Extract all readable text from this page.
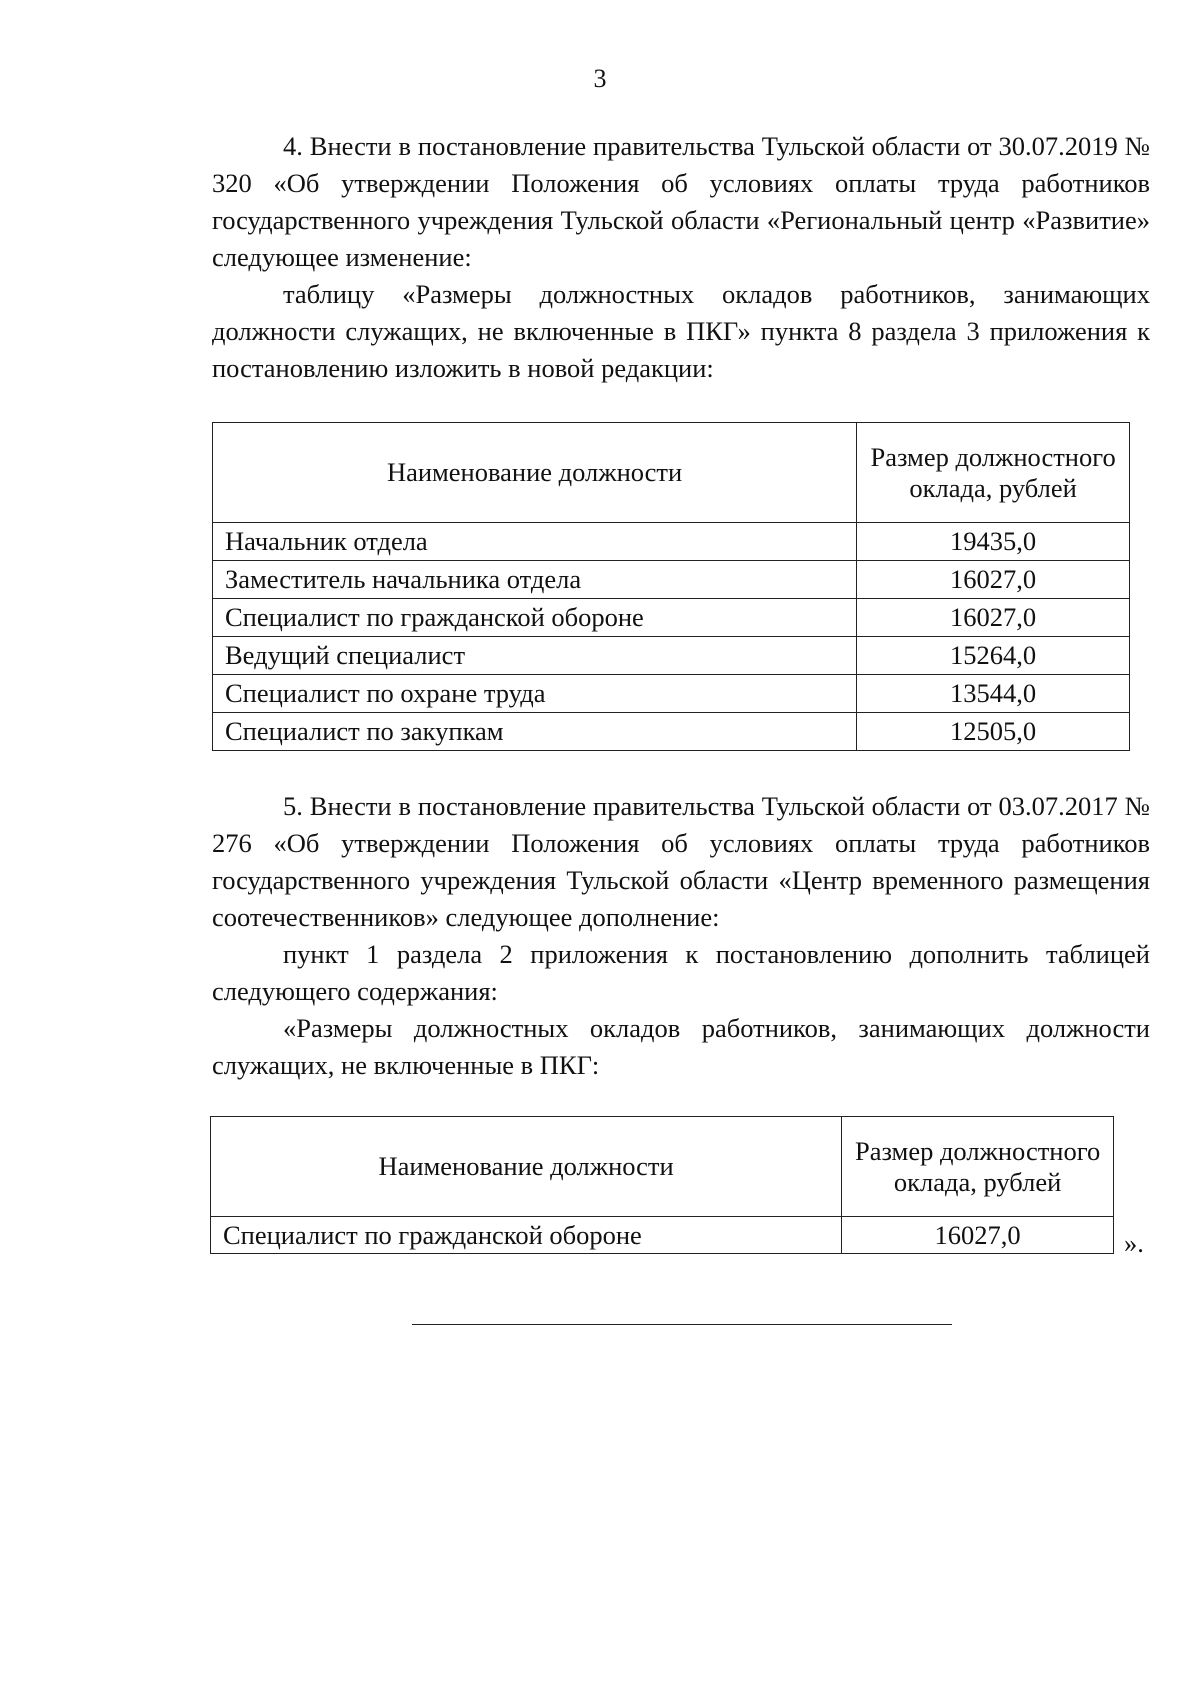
3

4. Внести в постановление правительства Тульской области от 30.07.2019 № 320 «Об утверждении Положения об условиях оплаты труда работников государственного учреждения Тульской области «Региональный центр «Развитие» следующее изменение:

таблицу «Размеры должностных окладов работников, занимающих должности служащих, не включенные в ПКГ» пункта 8 раздела 3 приложения к постановлению изложить в новой редакции:

Наименование должности	Размер должностного оклада, рублей
Начальник отдела	19435,0
Заместитель начальника отдела	16027,0
Специалист по гражданской обороне	16027,0
Ведущий специалист	15264,0
Специалист по охране труда	13544,0
Специалист по закупкам	12505,0

5. Внести в постановление правительства Тульской области от 03.07.2017 № 276 «Об утверждении Положения об условиях оплаты труда работников государственного учреждения Тульской области «Центр временного размещения соотечественников» следующее дополнение:

пункт 1 раздела 2 приложения к постановлению дополнить таблицей следующего содержания:

«Размеры должностных окладов работников, занимающих должности служащих, не включенные в ПКГ:

Наименование должности	Размер должностного оклада, рублей
Специалист по гражданской обороне	16027,0	».
